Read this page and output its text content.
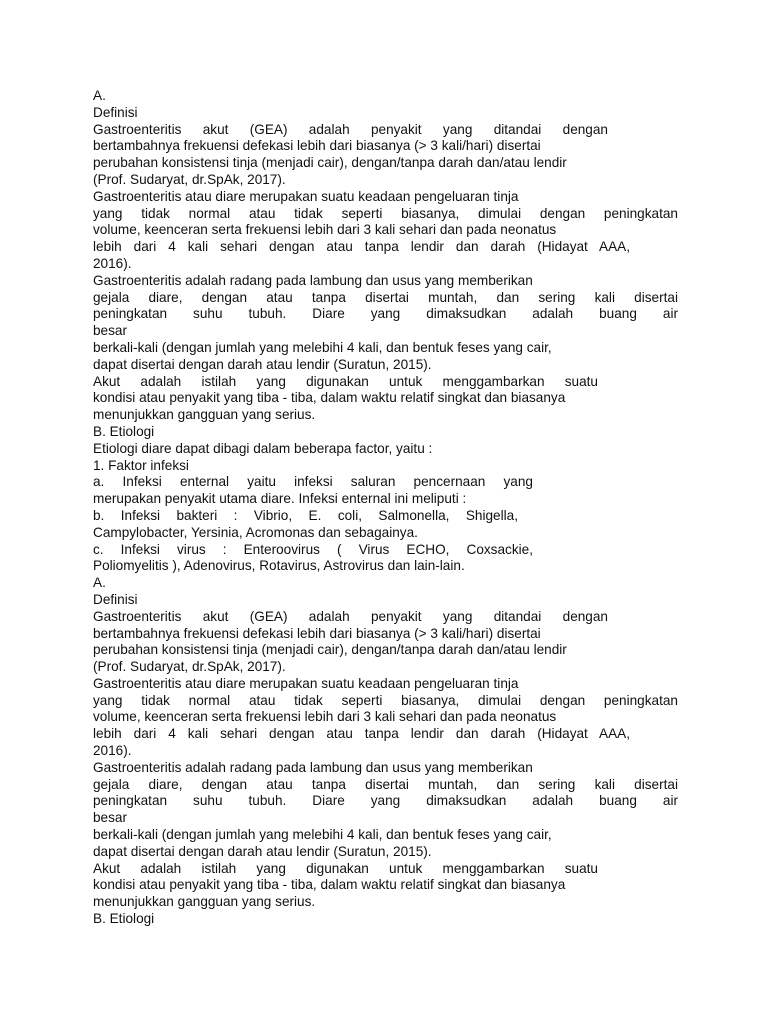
A.
Definisi
Gastroenteritis akut (GEA) adalah penyakit yang ditandai dengan
bertambahnya frekuensi defekasi lebih dari biasanya (> 3 kali/hari) disertai
perubahan konsistensi tinja (menjadi cair), dengan/tanpa darah dan/atau lendir
(Prof. Sudaryat, dr.SpAk, 2017).
Gastroenteritis atau diare merupakan suatu keadaan pengeluaran tinja
yang tidak normal atau tidak seperti biasanya, dimulai dengan peningkatan
volume, keenceran serta frekuensi lebih dari 3 kali sehari dan pada neonatus
lebih dari 4 kali sehari dengan atau tanpa lendir dan darah (Hidayat AAA,
2016).
Gastroenteritis adalah radang pada lambung dan usus yang memberikan
gejala diare, dengan atau tanpa disertai muntah, dan sering kali disertai
peningkatan suhu tubuh. Diare yang dimaksudkan adalah buang air
besar
berkali-kali (dengan jumlah yang melebihi 4 kali, dan bentuk feses yang cair,
dapat disertai dengan darah atau lendir (Suratun, 2015).
Akut adalah istilah yang digunakan untuk menggambarkan suatu
kondisi atau penyakit yang tiba - tiba, dalam waktu relatif singkat dan biasanya
menunjukkan gangguan yang serius.
B. Etiologi
Etiologi diare dapat dibagi dalam beberapa factor, yaitu :
1. Faktor infeksi
a. Infeksi enternal yaitu infeksi saluran pencernaan yang
merupakan penyakit utama diare. Infeksi enternal ini meliputi :
b. Infeksi bakteri : Vibrio, E. coli, Salmonella, Shigella,
Campylobacter, Yersinia, Acromonas dan sebagainya.
c. Infeksi virus : Enteroovirus ( Virus ECHO, Coxsackie,
Poliomyelitis ), Adenovirus, Rotavirus, Astrovirus dan lain-lain.
A.
Definisi
Gastroenteritis akut (GEA) adalah penyakit yang ditandai dengan
bertambahnya frekuensi defekasi lebih dari biasanya (> 3 kali/hari) disertai
perubahan konsistensi tinja (menjadi cair), dengan/tanpa darah dan/atau lendir
(Prof. Sudaryat, dr.SpAk, 2017).
Gastroenteritis atau diare merupakan suatu keadaan pengeluaran tinja
yang tidak normal atau tidak seperti biasanya, dimulai dengan peningkatan
volume, keenceran serta frekuensi lebih dari 3 kali sehari dan pada neonatus
lebih dari 4 kali sehari dengan atau tanpa lendir dan darah (Hidayat AAA,
2016).
Gastroenteritis adalah radang pada lambung dan usus yang memberikan
gejala diare, dengan atau tanpa disertai muntah, dan sering kali disertai
peningkatan suhu tubuh. Diare yang dimaksudkan adalah buang air
besar
berkali-kali (dengan jumlah yang melebihi 4 kali, dan bentuk feses yang cair,
dapat disertai dengan darah atau lendir (Suratun, 2015).
Akut adalah istilah yang digunakan untuk menggambarkan suatu
kondisi atau penyakit yang tiba - tiba, dalam waktu relatif singkat dan biasanya
menunjukkan gangguan yang serius.
B. Etiologi
